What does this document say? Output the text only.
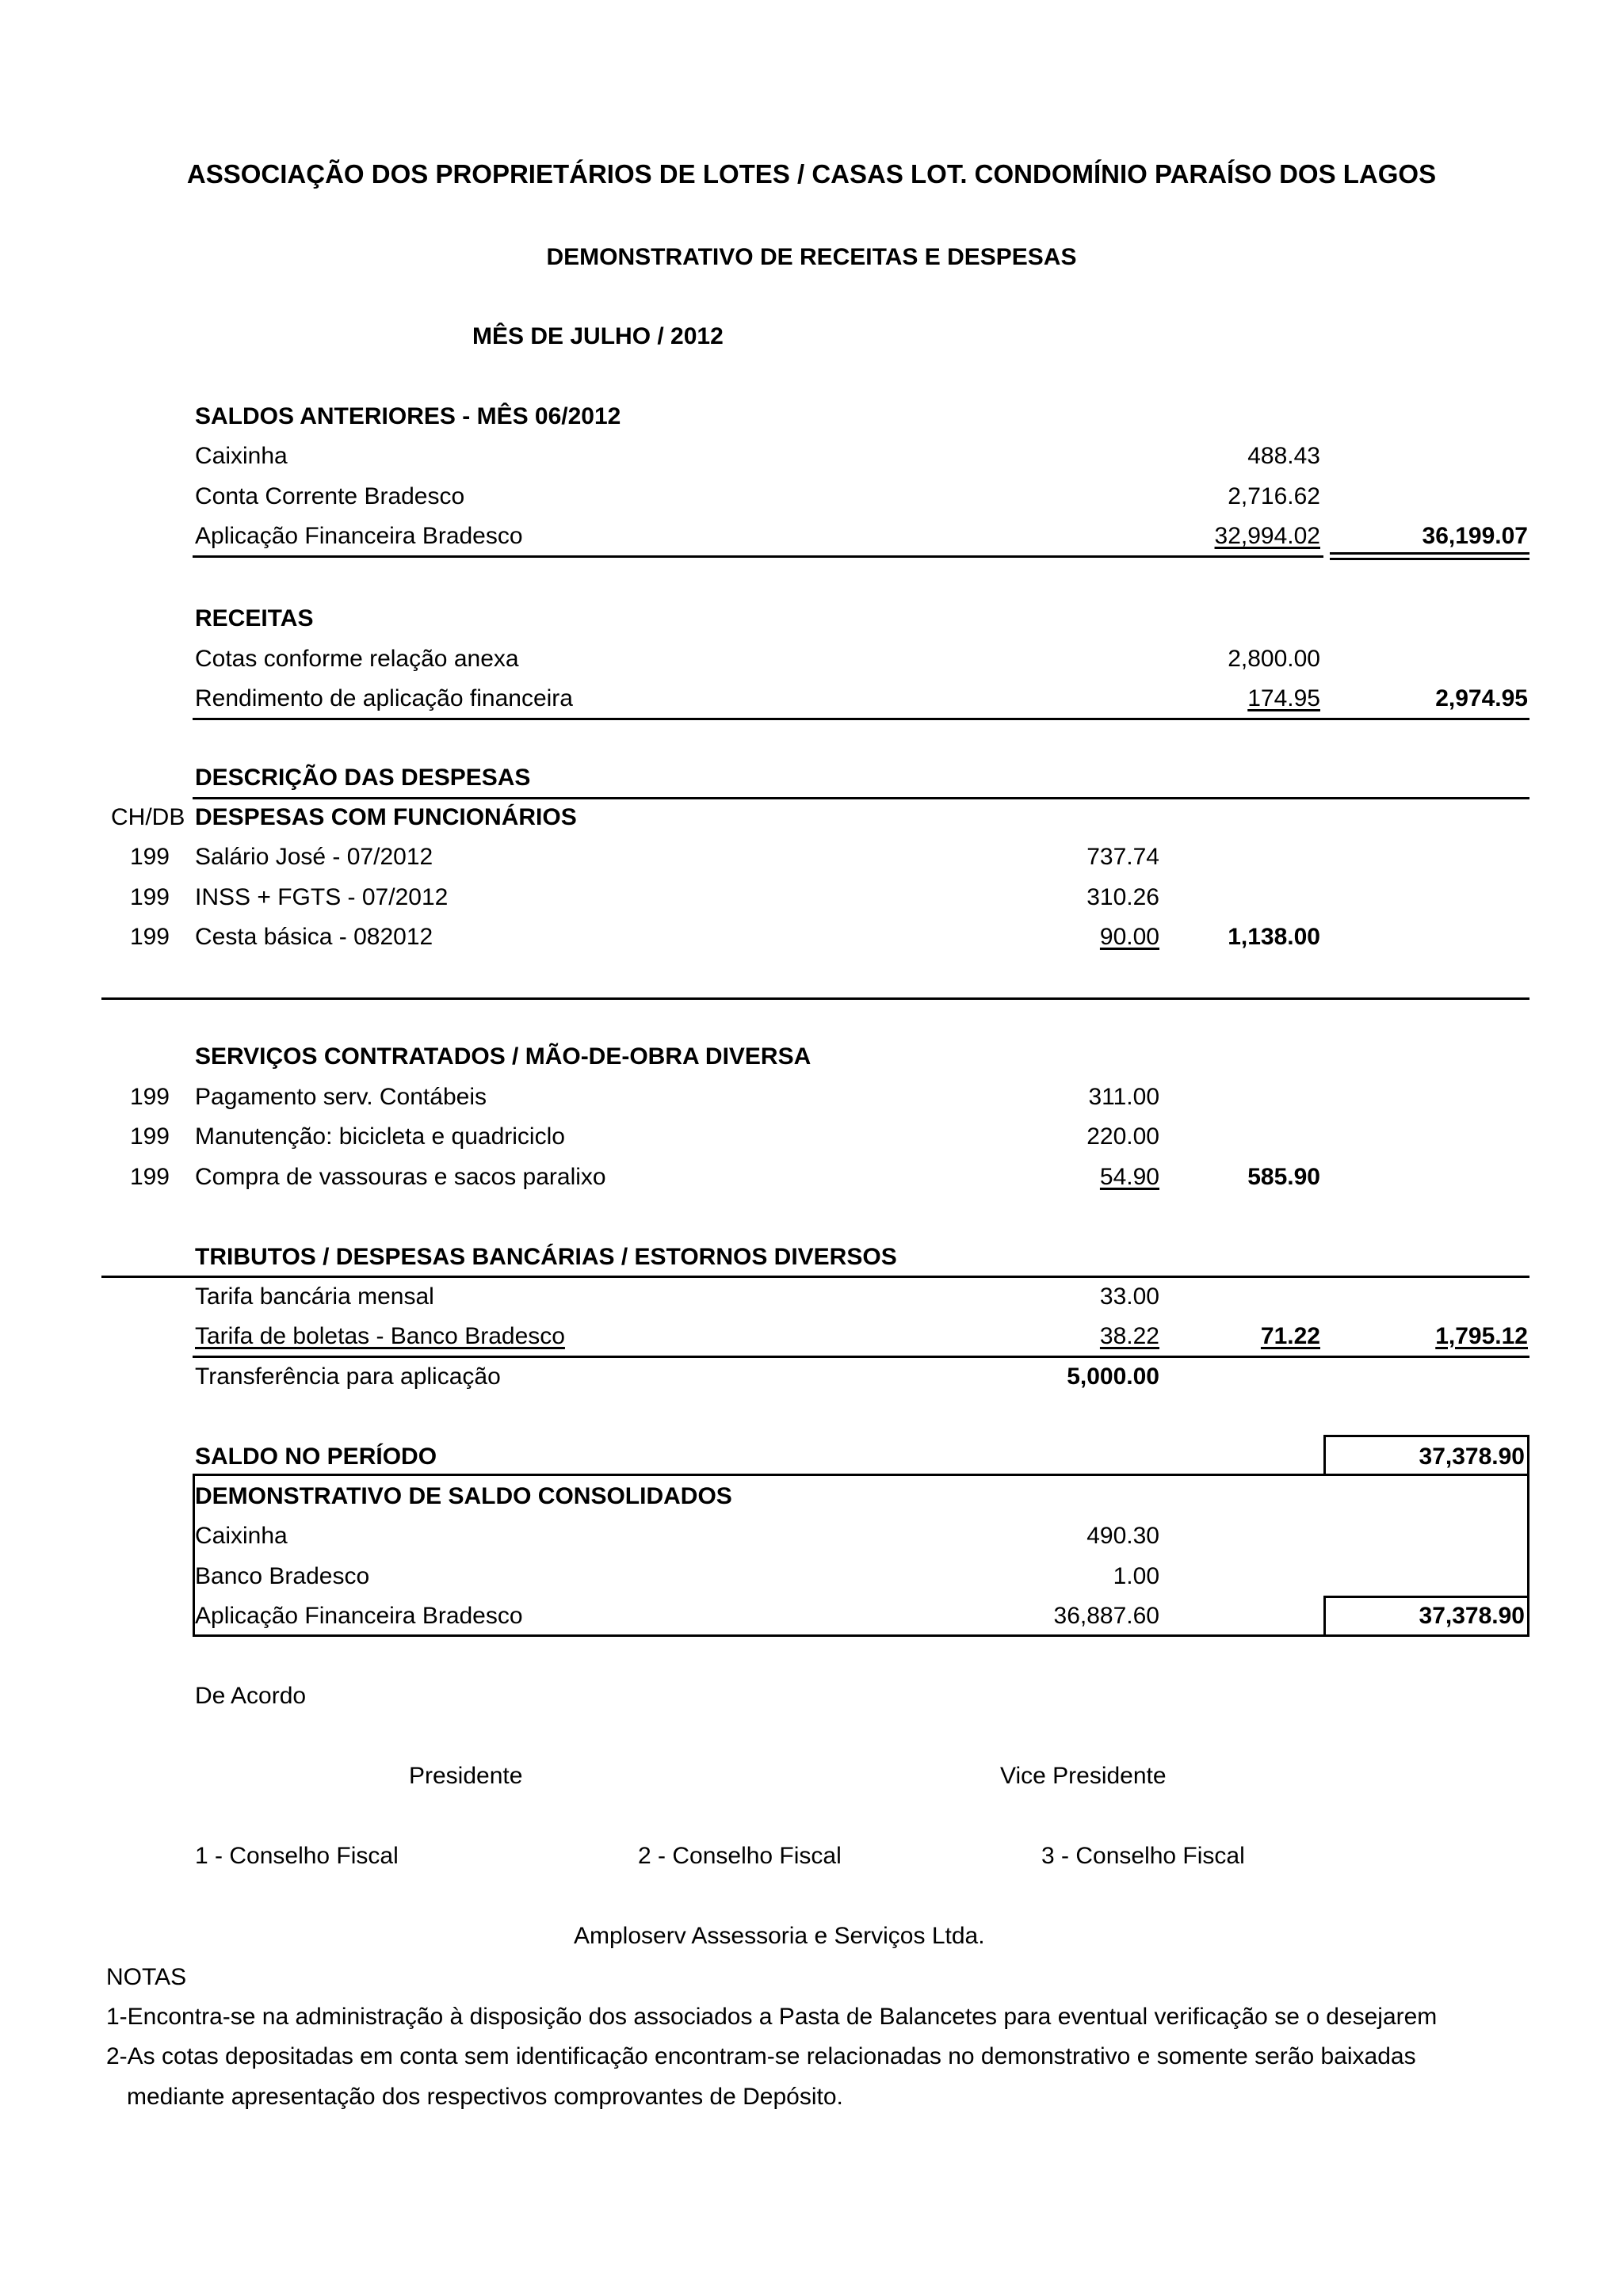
ASSOCIAÇÃO DOS PROPRIETÁRIOS DE LOTES / CASAS LOT. CONDOMÍNIO PARAÍSO DOS LAGOS
DEMONSTRATIVO DE RECEITAS E DESPESAS
MÊS DE JULHO / 2012
SALDOS ANTERIORES - MÊS 06/2012
Caixinha	488.43
Conta Corrente Bradesco	2,716.62
Aplicação Financeira Bradesco	32,994.02	36,199.07
RECEITAS
Cotas conforme relação anexa	2,800.00
Rendimento de aplicação financeira	174.95	2,974.95
DESCRIÇÃO DAS DESPESAS
CH/DB DESPESAS COM FUNCIONÁRIOS
199 Salário José - 07/2012	737.74
199 INSS + FGTS - 07/2012	310.26
199 Cesta básica - 082012	90.00	1,138.00
SERVIÇOS CONTRATADOS / MÃO-DE-OBRA DIVERSA
199 Pagamento serv. Contábeis	311.00
199 Manutenção: bicicleta e quadriciclo	220.00
199 Compra de vassouras e sacos paralixo	54.90	585.90
TRIBUTOS / DESPESAS BANCÁRIAS / ESTORNOS DIVERSOS
Tarifa bancária mensal	33.00
Tarifa de boletas - Banco Bradesco	38.22	71.22	1,795.12
Transferência para aplicação	5,000.00
SALDO NO PERÍODO	37,378.90
DEMONSTRATIVO DE SALDO CONSOLIDADOS
Caixinha	490.30
Banco Bradesco	1.00
Aplicação Financeira Bradesco	36,887.60	37,378.90
De Acordo
Presidente	Vice Presidente
1 - Conselho Fiscal	2 - Conselho Fiscal	3 - Conselho Fiscal
Amploserv Assessoria e Serviços Ltda.
NOTAS
1-Encontra-se na administração à disposição dos associados a Pasta de Balancetes para eventual verificação se o desejarem
2-As cotas depositadas em conta sem identificação encontram-se relacionadas no demonstrativo e somente serão baixadas
mediante apresentação dos respectivos comprovantes de Depósito.
